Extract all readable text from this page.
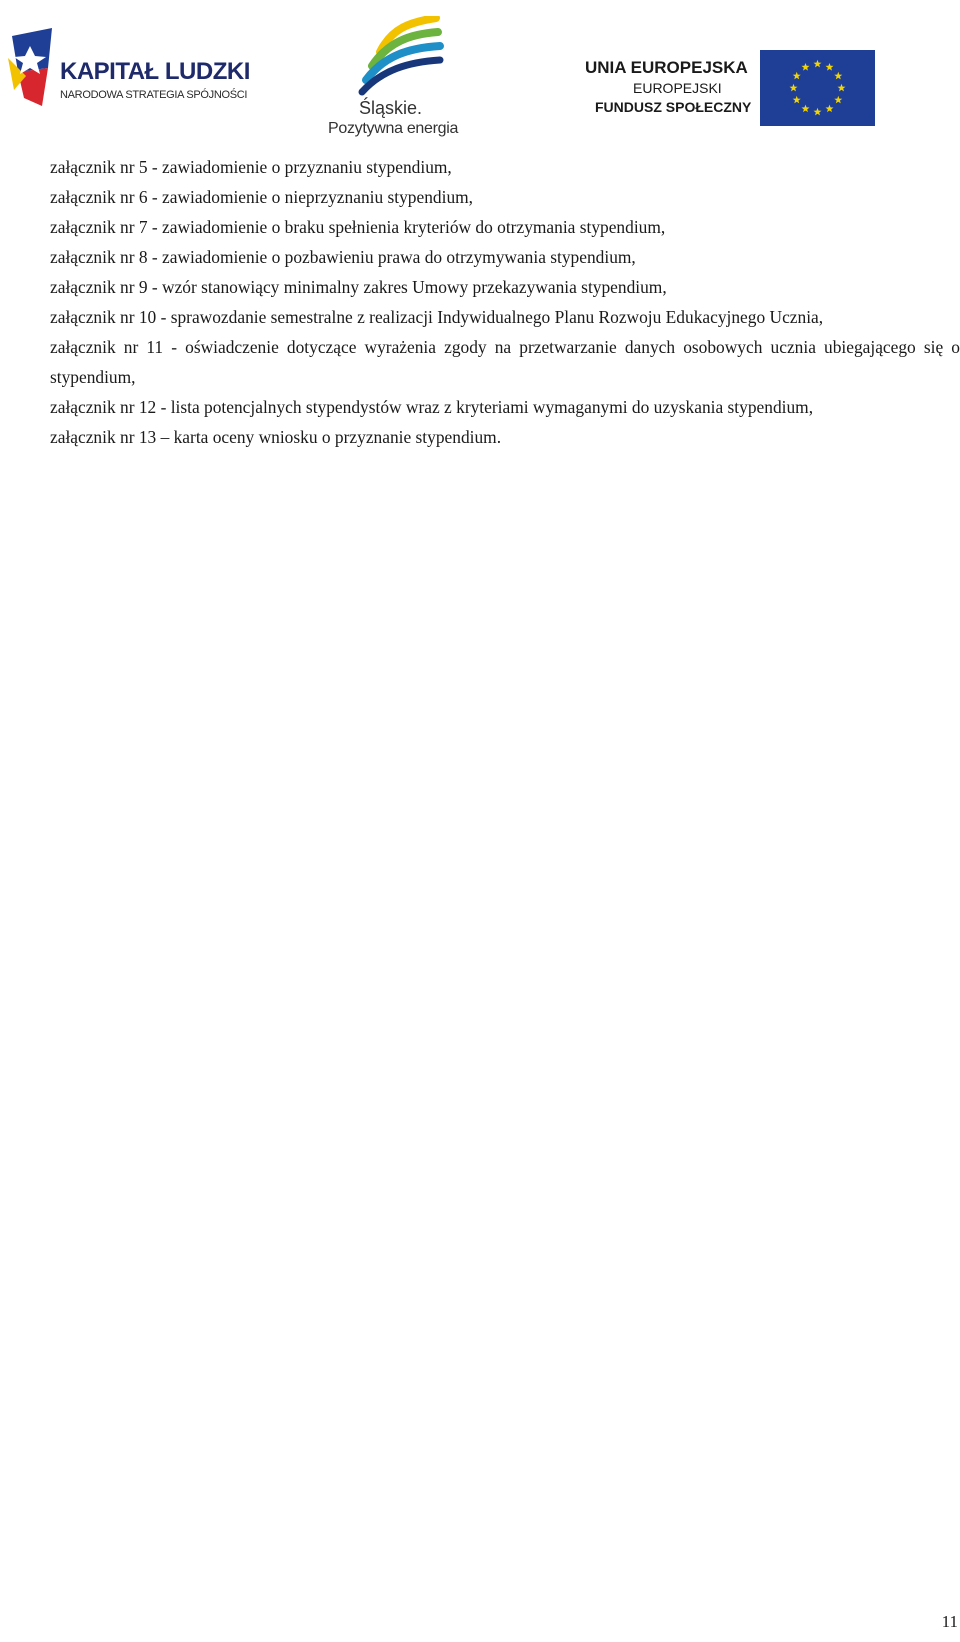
KAPITAŁ LUDZKI
NARODOWA STRATEGIA SPÓJNOŚCI
Śląskie.
Pozytywna energia
UNIA EUROPEJSKA
EUROPEJSKI
FUNDUSZ SPOŁECZNY

załącznik nr 5 - zawiadomienie o przyznaniu stypendium,

załącznik nr 6 - zawiadomienie o nieprzyznaniu stypendium,

załącznik nr 7 - zawiadomienie o braku spełnienia kryteriów do otrzymania stypendium,

załącznik nr 8 - zawiadomienie o pozbawieniu prawa do otrzymywania stypendium,

załącznik nr 9 - wzór stanowiący minimalny zakres Umowy przekazywania stypendium,

załącznik nr 10 - sprawozdanie semestralne z realizacji Indywidualnego Planu Rozwoju Edukacyjnego Ucznia,

załącznik nr 11 - oświadczenie dotyczące wyrażenia zgody na przetwarzanie danych osobowych ucznia ubiegającego się o stypendium,

załącznik nr 12 - lista potencjalnych stypendystów wraz z kryteriami wymaganymi do uzyskania stypendium,

załącznik nr 13 – karta oceny wniosku o przyznanie stypendium.

11
